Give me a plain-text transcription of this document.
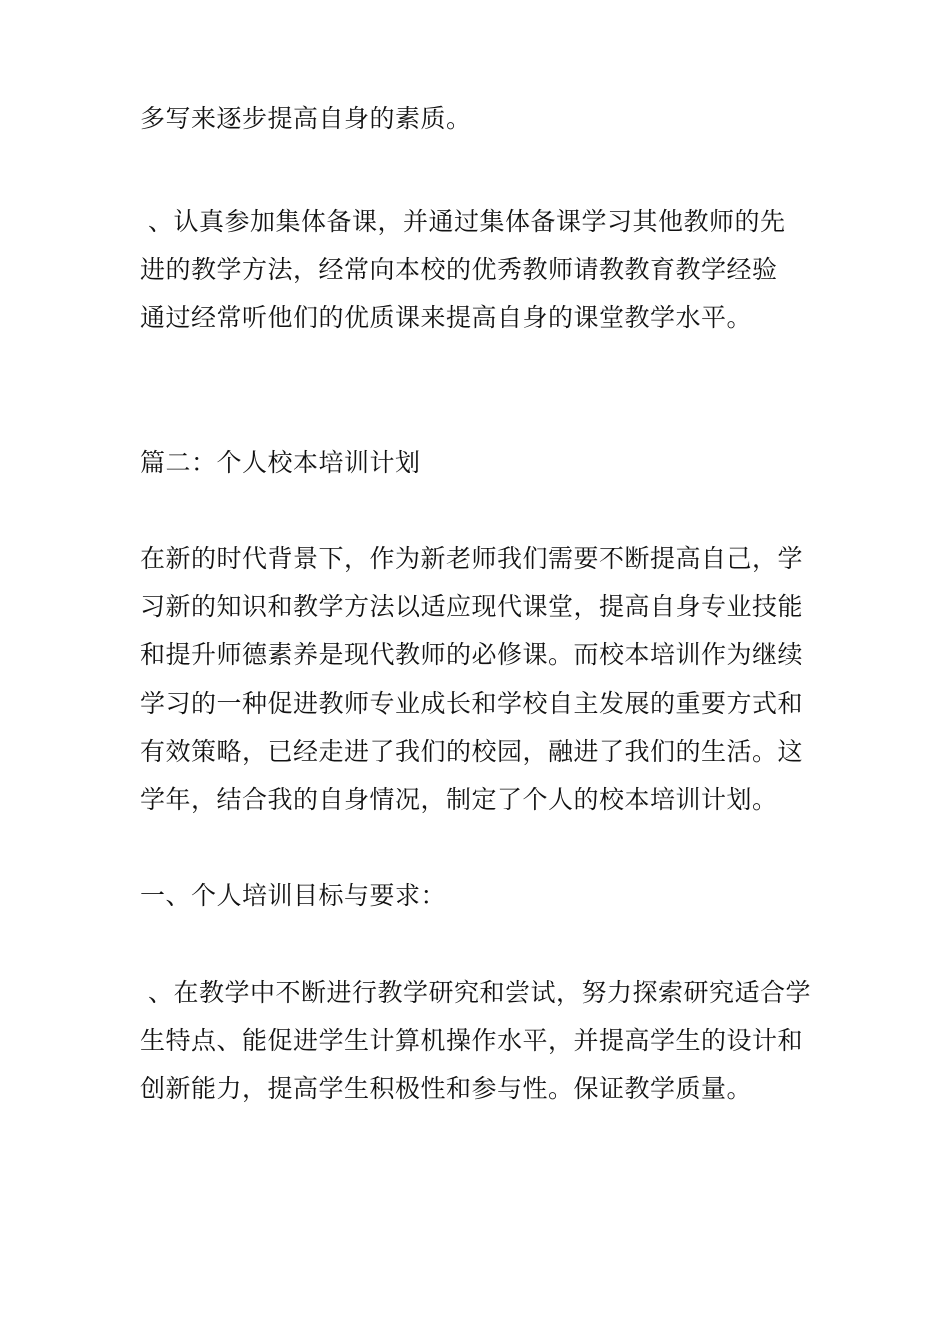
多写来逐步提高自身的素质。
、认真参加集体备课，并通过集体备课学习其他教师的先
进的教学方法，经常向本校的优秀教师请教教育教学经验
通过经常听他们的优质课来提高自身的课堂教学水平。
篇二：个人校本培训计划
在新的时代背景下，作为新老师我们需要不断提高自己，学
习新的知识和教学方法以适应现代课堂，提高自身专业技能
和提升师德素养是现代教师的必修课。而校本培训作为继续
学习的一种促进教师专业成长和学校自主发展的重要方式和
有效策略，已经走进了我们的校园，融进了我们的生活。这
学年，结合我的自身情况，制定了个人的校本培训计划。
一、个人培训目标与要求：
、在教学中不断进行教学研究和尝试，努力探索研究适合学
生特点、能促进学生计算机操作水平，并提高学生的设计和
创新能力，提高学生积极性和参与性。保证教学质量。
